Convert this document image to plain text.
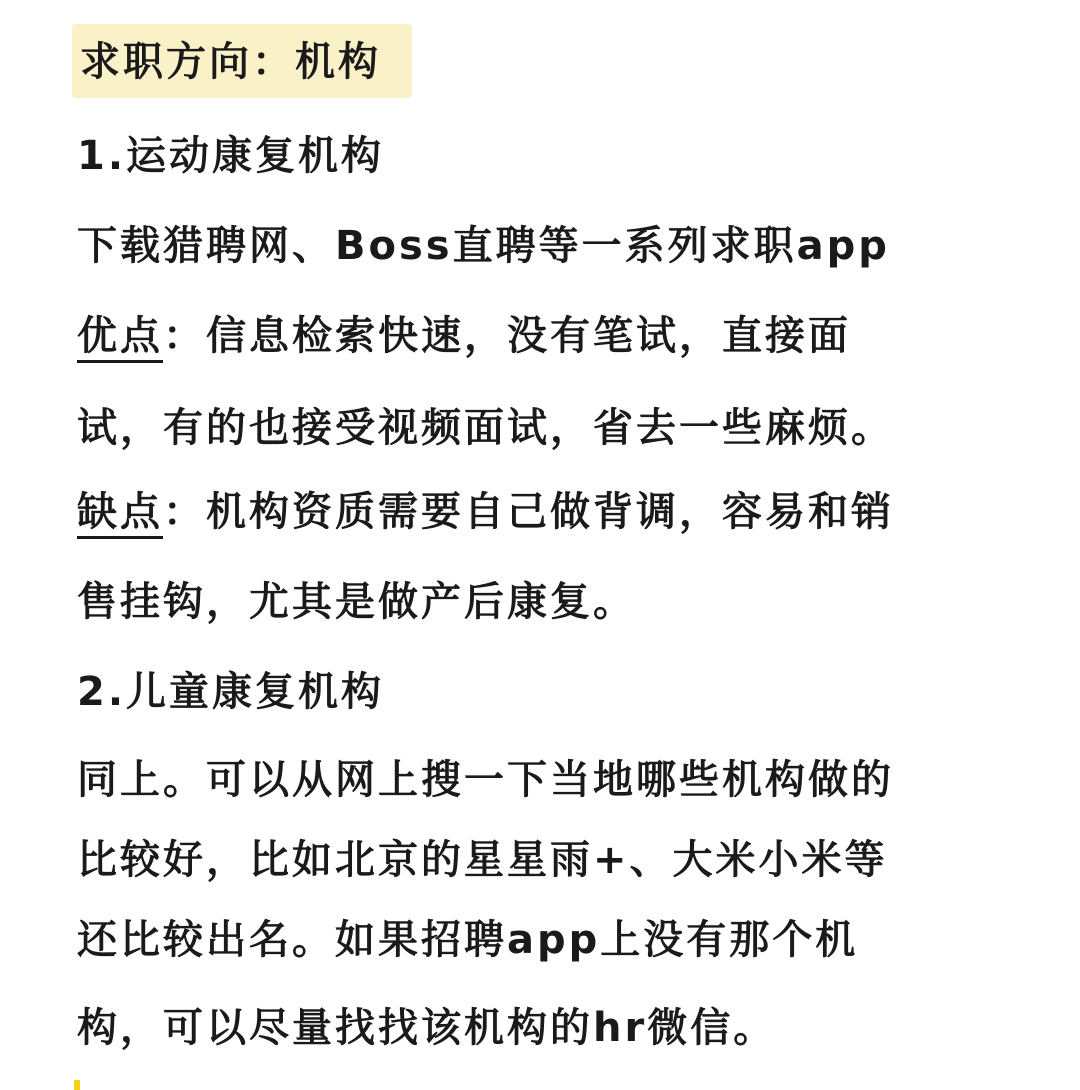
求职方向：机构
1.运动康复机构
下载猎聘网、Boss直聘等一系列求职app
优点：信息检索快速，没有笔试，直接面
试，有的也接受视频面试，省去一些麻烦。
缺点：机构资质需要自己做背调，容易和销
售挂钩，尤其是做产后康复。
2.儿童康复机构
同上。可以从网上搜一下当地哪些机构做的
比较好，比如北京的星星雨+、大米小米等
还比较出名。如果招聘app上没有那个机
构，可以尽量找找该机构的hr微信。
